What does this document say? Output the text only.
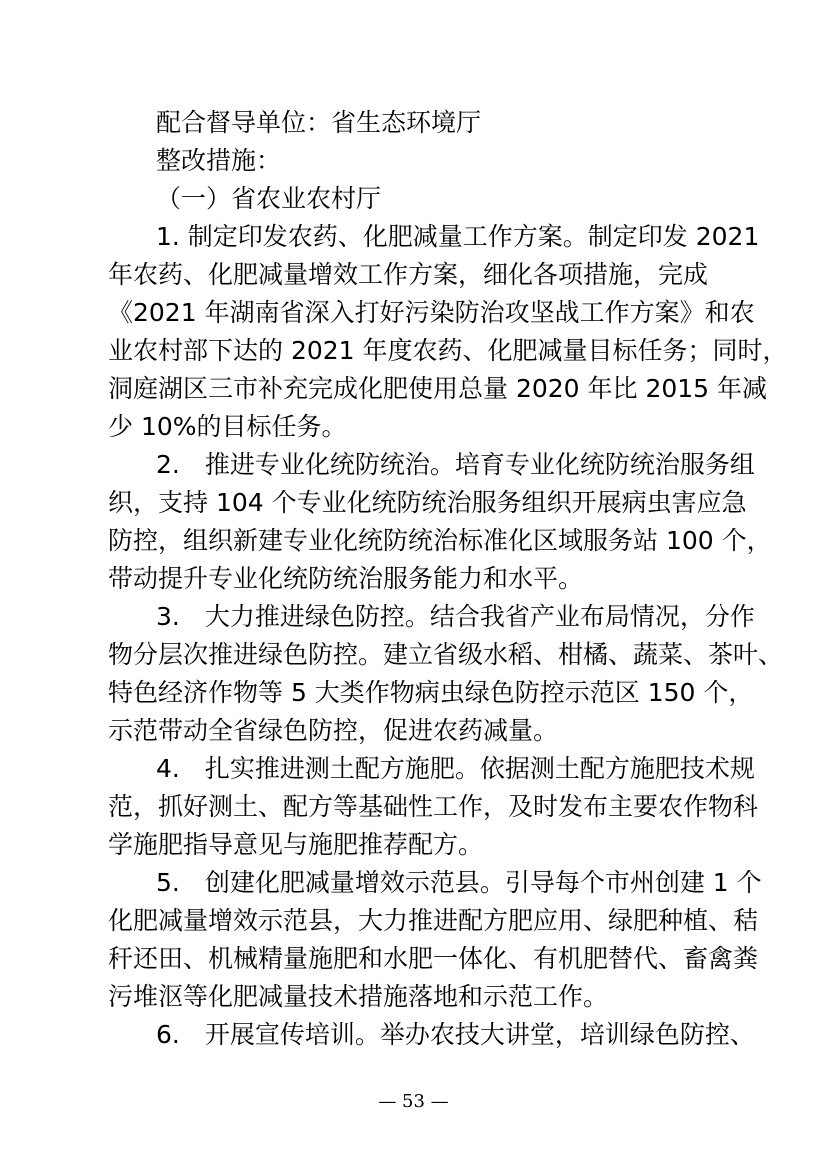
配合督导单位：省生态环境厅
整改措施：
（一）省农业农村厅
1. 制定印发农药、化肥减量工作方案。制定印发 2021
年农药、化肥减量增效工作方案，细化各项措施，完成
《2021 年湖南省深入打好污染防治攻坚战工作方案》和农
业农村部下达的 2021 年度农药、化肥减量目标任务；同时，
洞庭湖区三市补充完成化肥使用总量 2020 年比 2015 年减
少 10%的目标任务。
2.　推进专业化统防统治。培育专业化统防统治服务组
织，支持 104 个专业化统防统治服务组织开展病虫害应急
防控，组织新建专业化统防统治标准化区域服务站 100 个，
带动提升专业化统防统治服务能力和水平。
3.　大力推进绿色防控。结合我省产业布局情况，分作
物分层次推进绿色防控。建立省级水稻、柑橘、蔬菜、茶叶、
特色经济作物等 5 大类作物病虫绿色防控示范区 150 个，
示范带动全省绿色防控，促进农药减量。
4.　扎实推进测土配方施肥。依据测土配方施肥技术规
范，抓好测土、配方等基础性工作，及时发布主要农作物科
学施肥指导意见与施肥推荐配方。
5.　创建化肥减量增效示范县。引导每个市州创建 1 个
化肥减量增效示范县，大力推进配方肥应用、绿肥种植、秸
秆还田、机械精量施肥和水肥一体化、有机肥替代、畜禽粪
污堆沤等化肥减量技术措施落地和示范工作。
6.　开展宣传培训。举办农技大讲堂，培训绿色防控、
— 53 —
